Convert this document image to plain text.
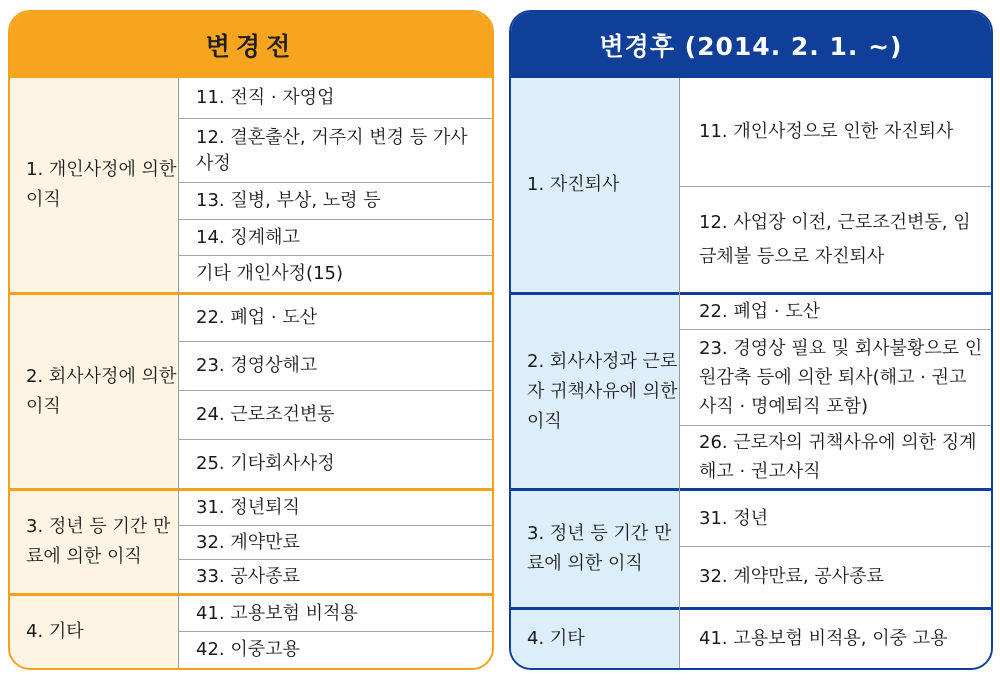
변경전
1. 개인사정에 의한 이직
11. 전직 · 자영업
12. 결혼출산, 거주지 변경 등 가사사정
13. 질병, 부상, 노령 등
14. 징계해고
기타 개인사정(15)
2. 회사사정에 의한 이직
22. 폐업 · 도산
23. 경영상해고
24. 근로조건변동
25. 기타회사사정
3. 정년 등 기간 만료에 의한 이직
31. 정년퇴직
32. 계약만료
33. 공사종료
4. 기타
41. 고용보험 비적용
42. 이중고용
변경후 (2014. 2. 1. ~)
1. 자진퇴사
11. 개인사정으로 인한 자진퇴사
12. 사업장 이전, 근로조건변동, 임금체불 등으로 자진퇴사
2. 회사사정과 근로자 귀책사유에 의한 이직
22. 폐업 · 도산
23. 경영상 필요 및 회사불황으로 인원감축 등에 의한 퇴사(해고 · 권고사직 · 명예퇴직 포함)
26. 근로자의 귀책사유에 의한 징계해고 · 권고사직
3. 정년 등 기간 만료에 의한 이직
31. 정년
32. 계약만료, 공사종료
4. 기타	41. 고용보험 비적용, 이중 고용
